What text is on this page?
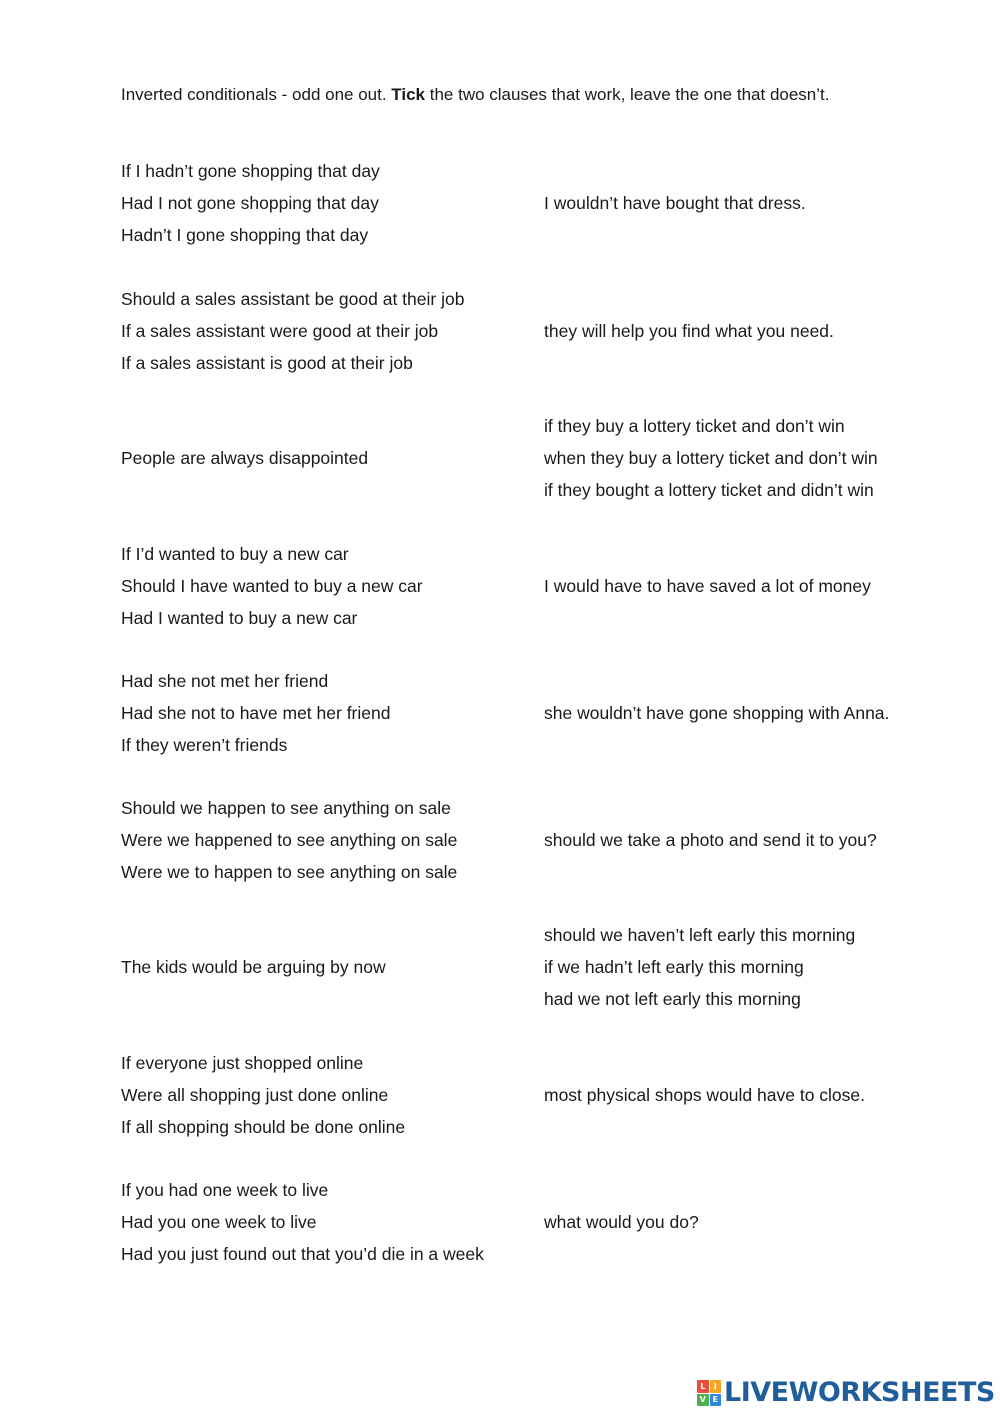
Inverted conditionals - odd one out. Tick the two clauses that work, leave the one that doesn’t.
If I hadn’t gone shopping that day
Had I not gone shopping that day
Hadn’t I gone shopping that day
I wouldn’t have bought that dress.
Should a sales assistant be good at their job
If a sales assistant were good at their job
If a sales assistant is good at their job
they will help you find what you need.
People are always disappointed
if they buy a lottery ticket and don’t win
when they buy a lottery ticket and don’t win
if they bought a lottery ticket and didn’t win
If I’d wanted to buy a new car
Should I have wanted to buy a new car
Had I wanted to buy a new car
I would have to have saved a lot of money
Had she not met her friend
Had she not to have met her friend
If they weren’t friends
she wouldn’t have gone shopping with Anna.
Should we happen to see anything on sale
Were we happened to see anything on sale
Were we to happen to see anything on sale
should we take a photo and send it to you?
The kids would be arguing by now
should we haven’t left early this morning
if we hadn’t left early this morning
had we not left early this morning
If everyone just shopped online
Were all shopping just done online
If all shopping should be done online
most physical shops would have to close.
If you had one week to live
Had you one week to live
Had you just found out that you’d die in a week
what would you do?
L	I
V E LIVEWORKSHEETS
